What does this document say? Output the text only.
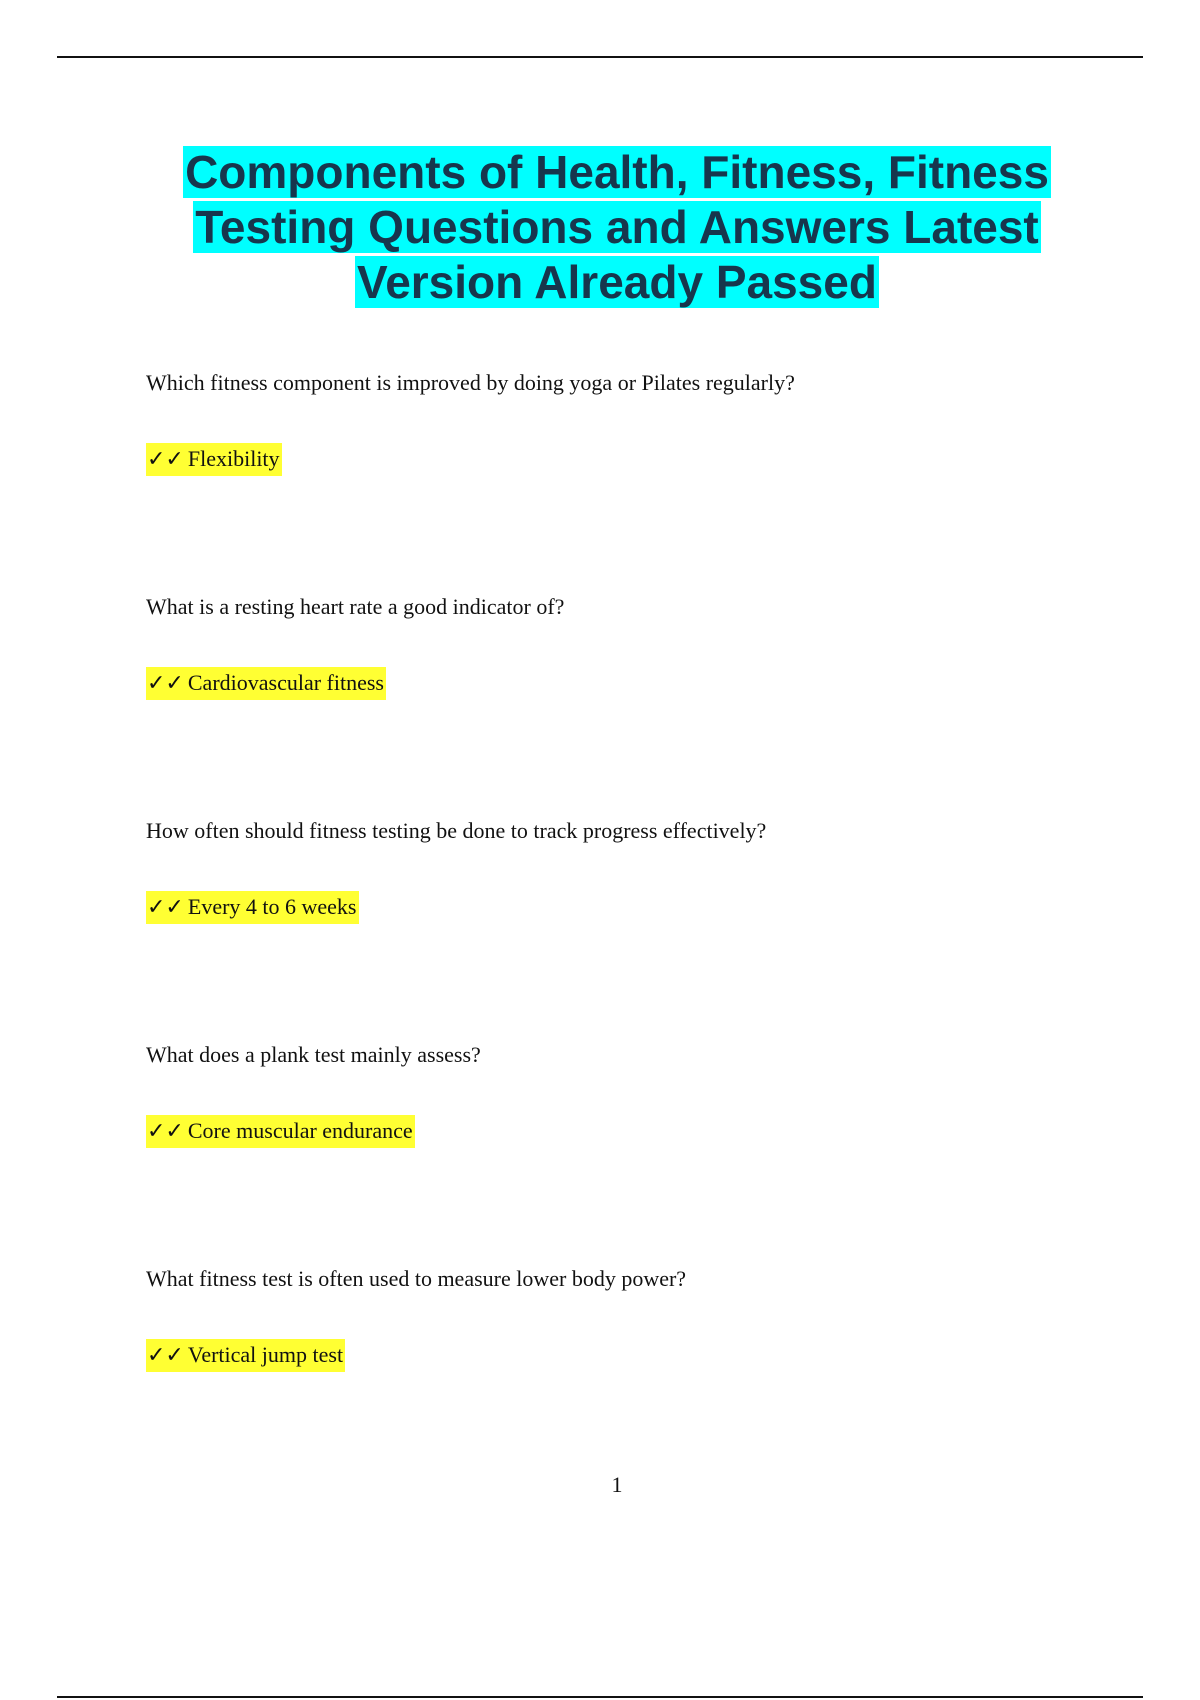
Components of Health, Fitness, Fitness
Testing Questions and Answers Latest
Version Already Passed

Which fitness component is improved by doing yoga or Pilates regularly?

✓✓ Flexibility

What is a resting heart rate a good indicator of?

✓✓ Cardiovascular fitness

How often should fitness testing be done to track progress effectively?

✓✓ Every 4 to 6 weeks

What does a plank test mainly assess?

✓✓ Core muscular endurance

What fitness test is often used to measure lower body power?

✓✓ Vertical jump test

1
